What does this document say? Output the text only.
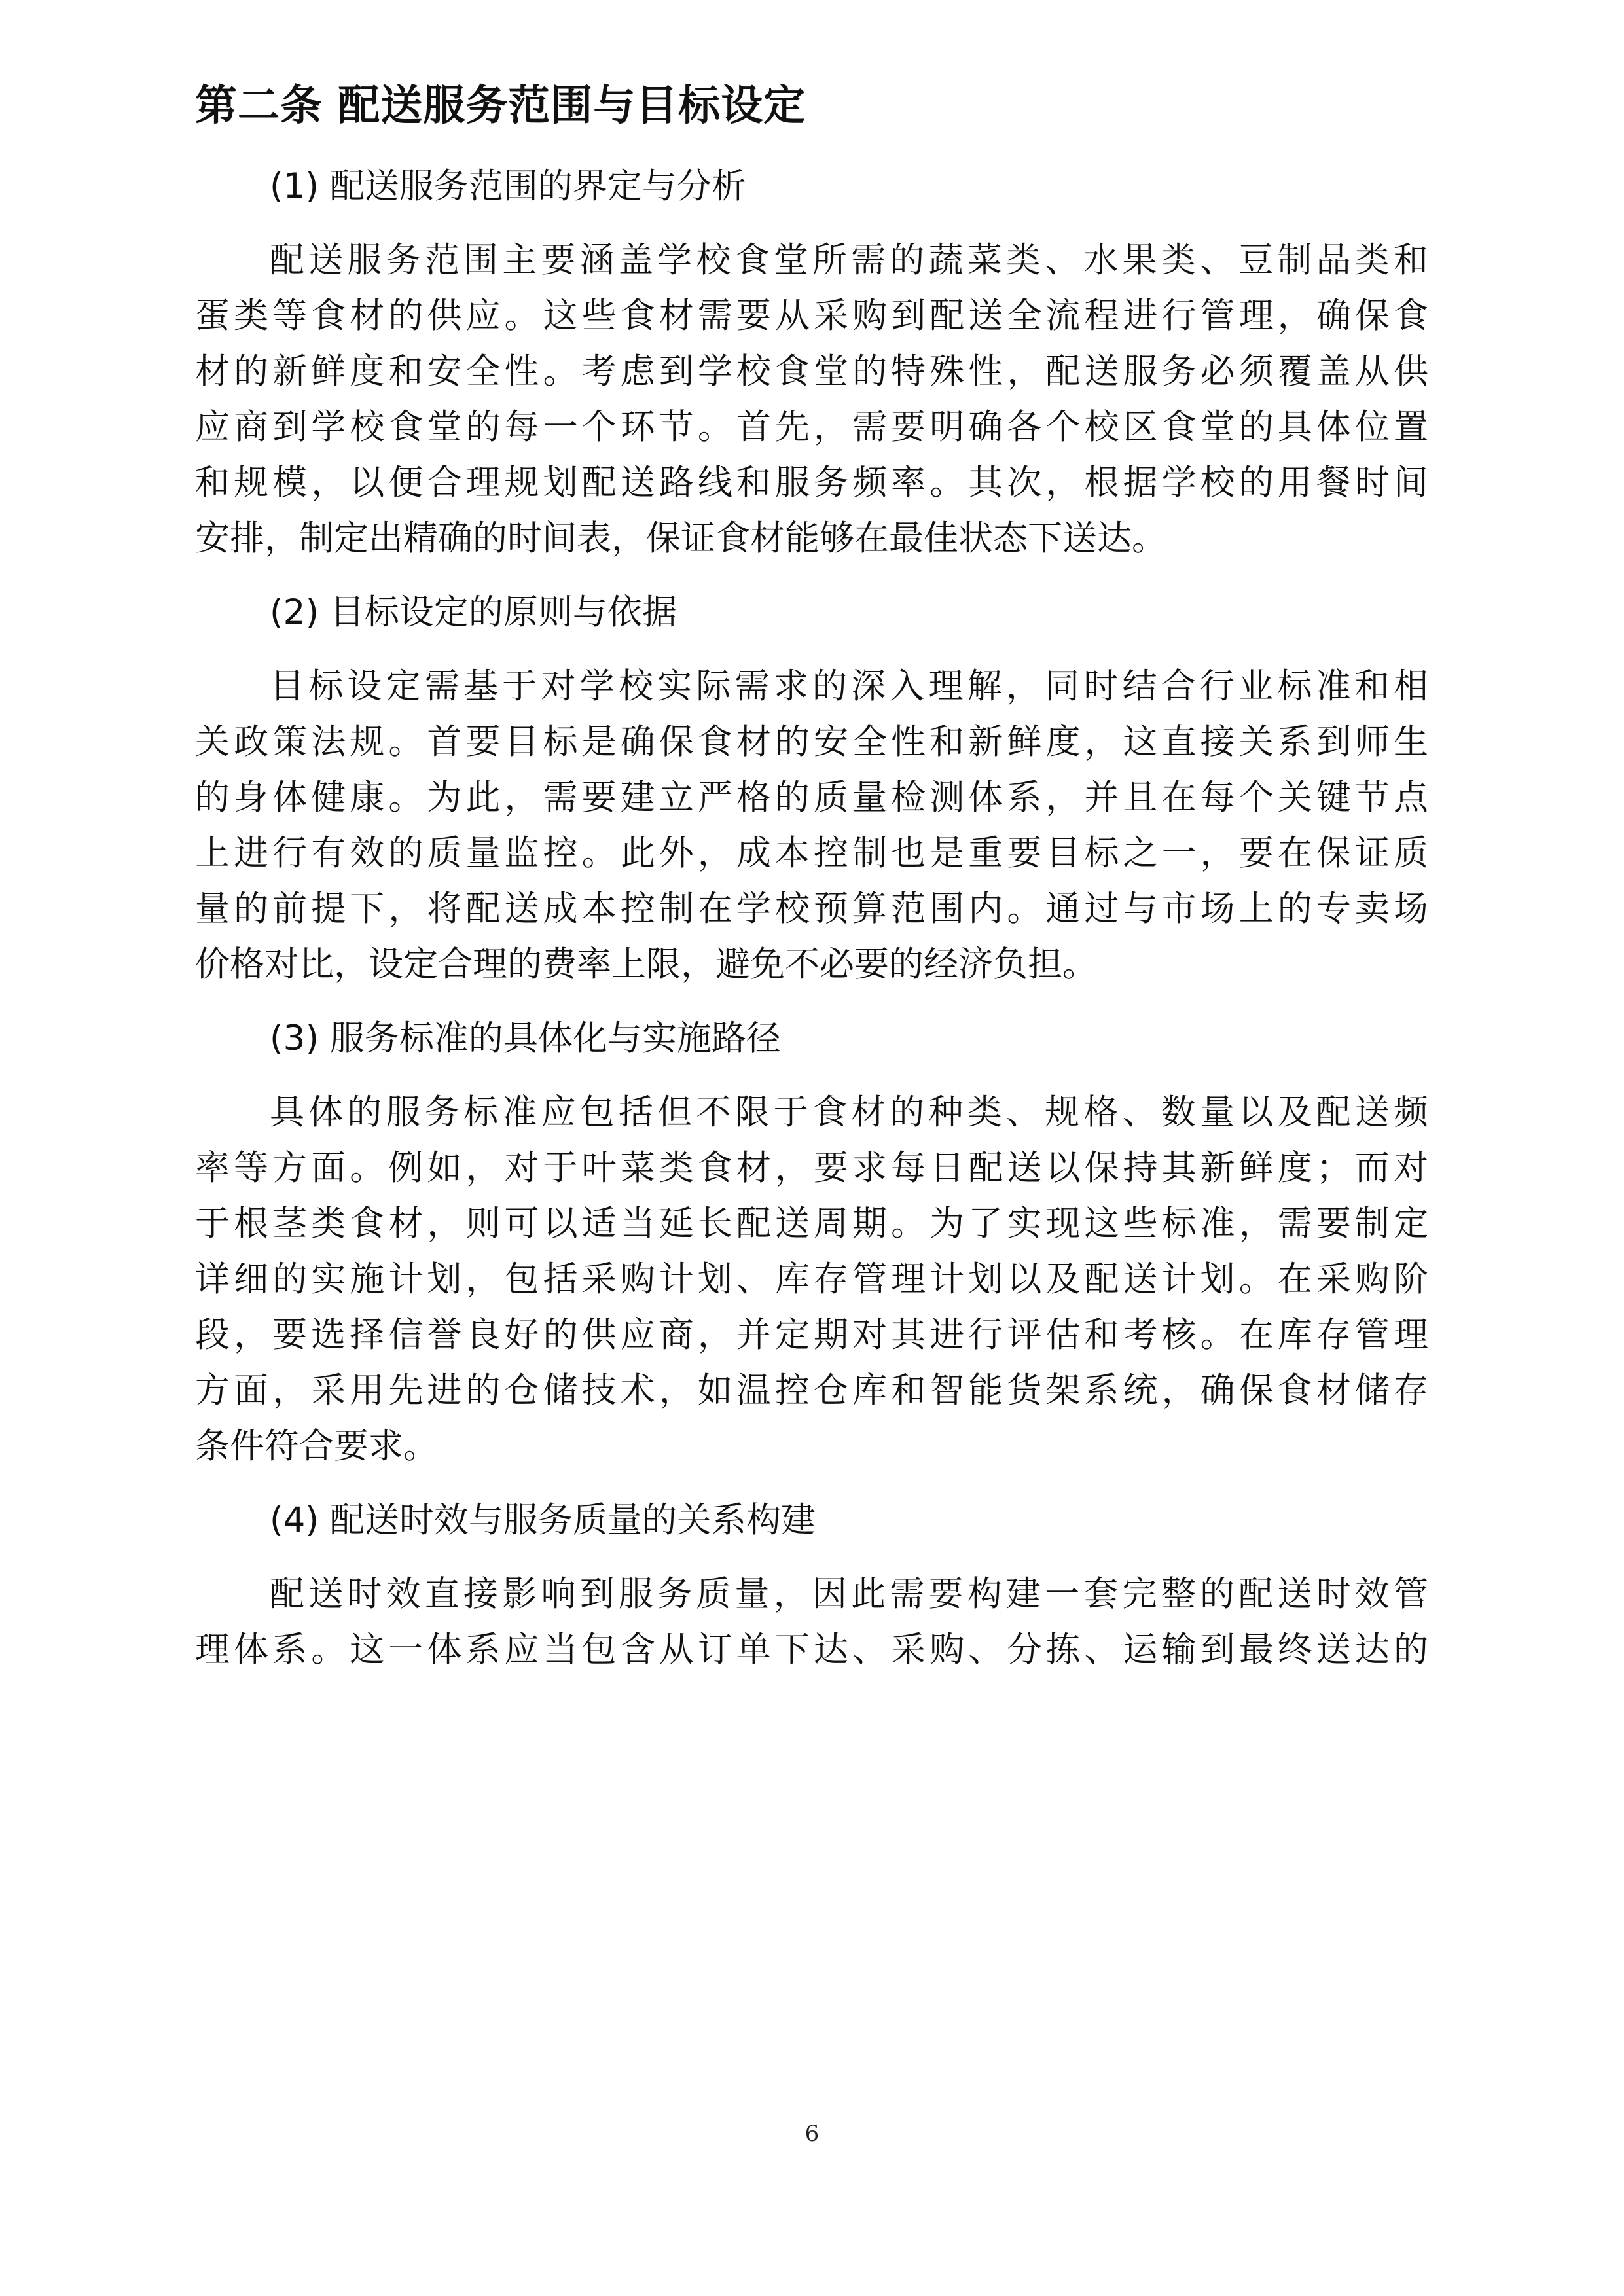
第二条 配送服务范围与目标设定
(1) 配送服务范围的界定与分析
配送服务范围主要涵盖学校食堂所需的蔬菜类、水果类、豆制品类和
蛋类等食材的供应。这些食材需要从采购到配送全流程进行管理，确保食
材的新鲜度和安全性。考虑到学校食堂的特殊性，配送服务必须覆盖从供
应商到学校食堂的每一个环节。首先，需要明确各个校区食堂的具体位置
和规模，以便合理规划配送路线和服务频率。其次，根据学校的用餐时间
安排，制定出精确的时间表，保证食材能够在最佳状态下送达。
(2) 目标设定的原则与依据
目标设定需基于对学校实际需求的深入理解，同时结合行业标准和相
关政策法规。首要目标是确保食材的安全性和新鲜度，这直接关系到师生
的身体健康。为此，需要建立严格的质量检测体系，并且在每个关键节点
上进行有效的质量监控。此外，成本控制也是重要目标之一，要在保证质
量的前提下，将配送成本控制在学校预算范围内。通过与市场上的专卖场
价格对比，设定合理的费率上限，避免不必要的经济负担。
(3) 服务标准的具体化与实施路径
具体的服务标准应包括但不限于食材的种类、规格、数量以及配送频
率等方面。例如，对于叶菜类食材，要求每日配送以保持其新鲜度；而对
于根茎类食材，则可以适当延长配送周期。为了实现这些标准，需要制定
详细的实施计划，包括采购计划、库存管理计划以及配送计划。在采购阶
段，要选择信誉良好的供应商，并定期对其进行评估和考核。在库存管理
方面，采用先进的仓储技术，如温控仓库和智能货架系统，确保食材储存
条件符合要求。
(4) 配送时效与服务质量的关系构建
配送时效直接影响到服务质量，因此需要构建一套完整的配送时效管
理体系。这一体系应当包含从订单下达、采购、分拣、运输到最终送达的
6
